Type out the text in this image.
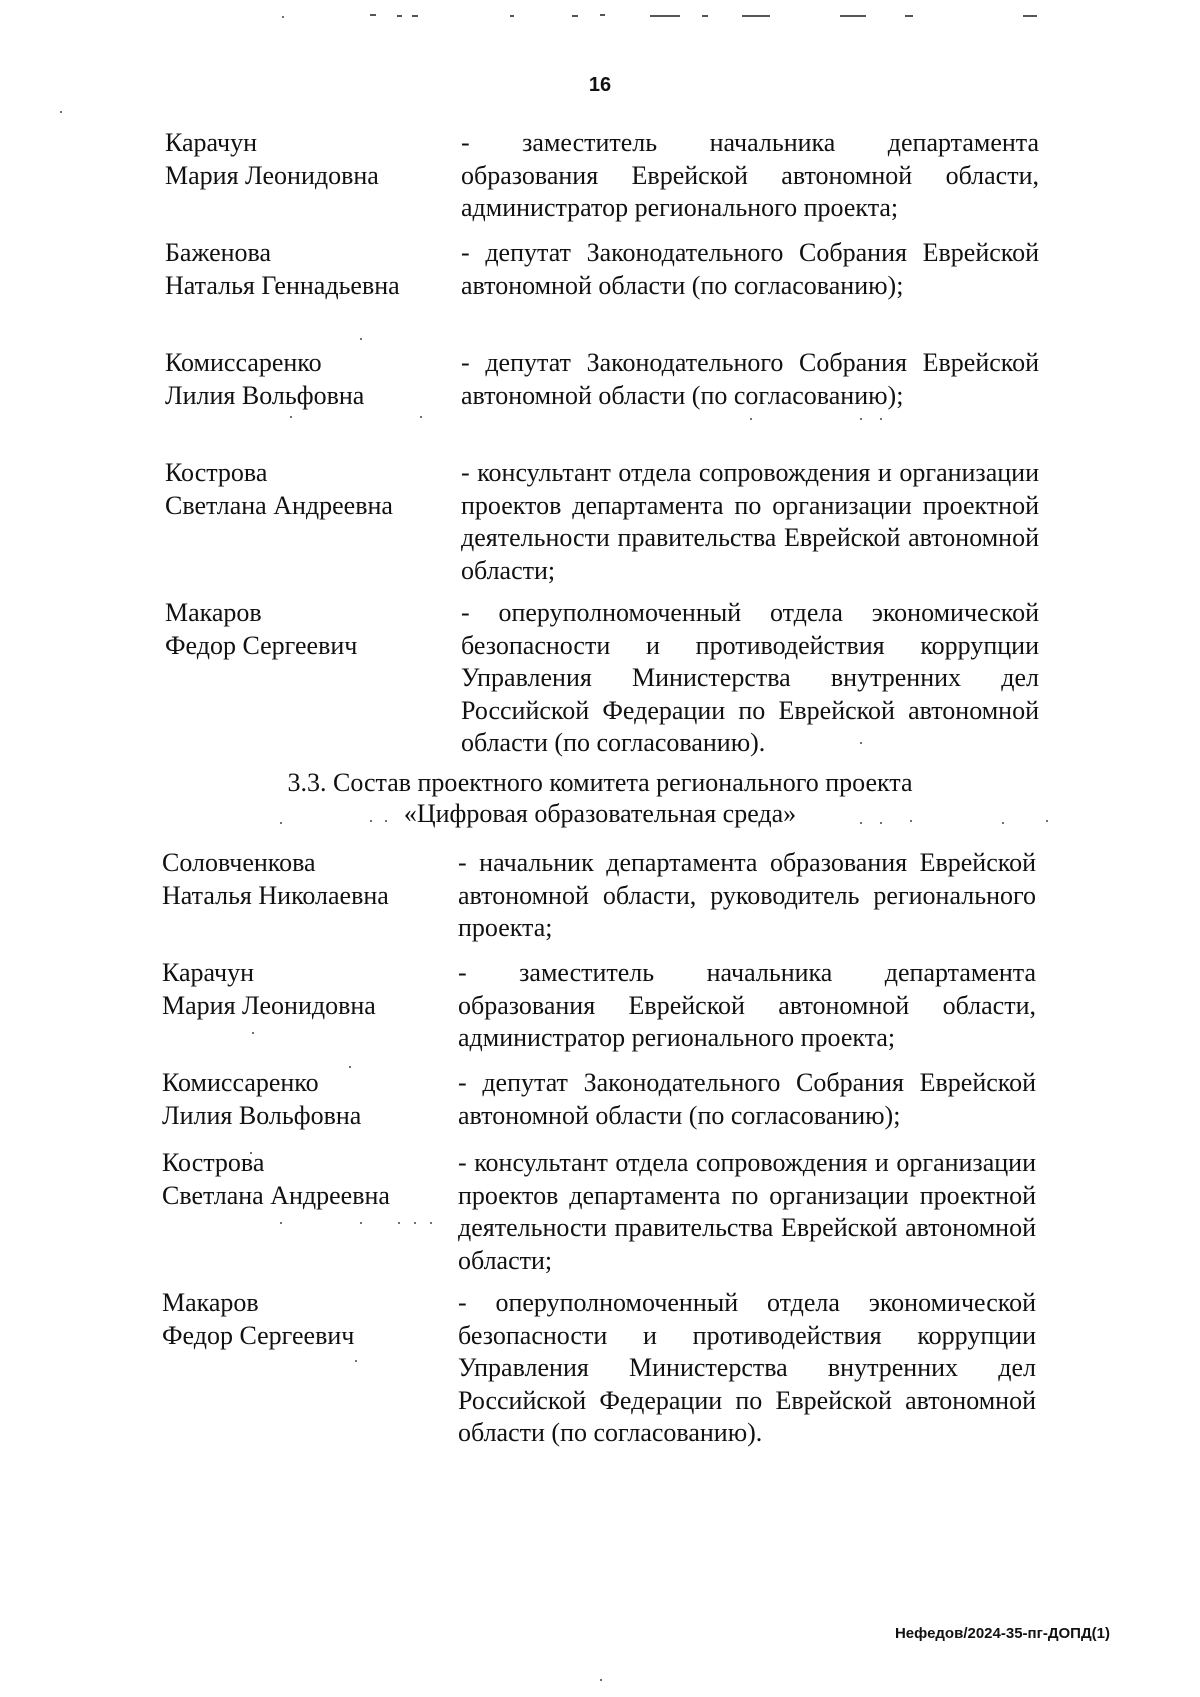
16
Карачун
Мария Леонидовна
- заместитель начальника департамента образования Еврейской автономной области, администратор регионального проекта;
Баженова
Наталья Геннадьевна
- депутат Законодательного Собрания Еврейской автономной области (по согласованию);
Комиссаренко
Лилия Вольфовна
- депутат Законодательного Собрания Еврейской автономной области (по согласованию);
Кострова
Светлана Андреевна
- консультант отдела сопровождения и организации проектов департамента по организации проектной деятельности правительства Еврейской автономной области;
Макаров
Федор Сергеевич
- оперуполномоченный отдела экономической безопасности и противодействия коррупции Управления Министерства внутренних дел Российской Федерации по Еврейской автономной области (по согласованию).
3.3. Состав проектного комитета регионального проекта
«Цифровая образовательная среда»
Соловченкова
Наталья Николаевна
- начальник департамента образования Еврейской автономной области, руководитель регионального проекта;
Карачун
Мария Леонидовна
- заместитель начальника департамента образования Еврейской автономной области, администратор регионального проекта;
Комиссаренко
Лилия Вольфовна
- депутат Законодательного Собрания Еврейской автономной области (по согласованию);
Кострова
Светлана Андреевна
- консультант отдела сопровождения и организации проектов департамента по организации проектной деятельности правительства Еврейской автономной области;
Макаров
Федор Сергеевич
- оперуполномоченный отдела экономической безопасности и противодействия коррупции Управления Министерства внутренних дел Российской Федерации по Еврейской автономной области (по согласованию).
Нефедов/2024-35-пг-ДОПД(1)
